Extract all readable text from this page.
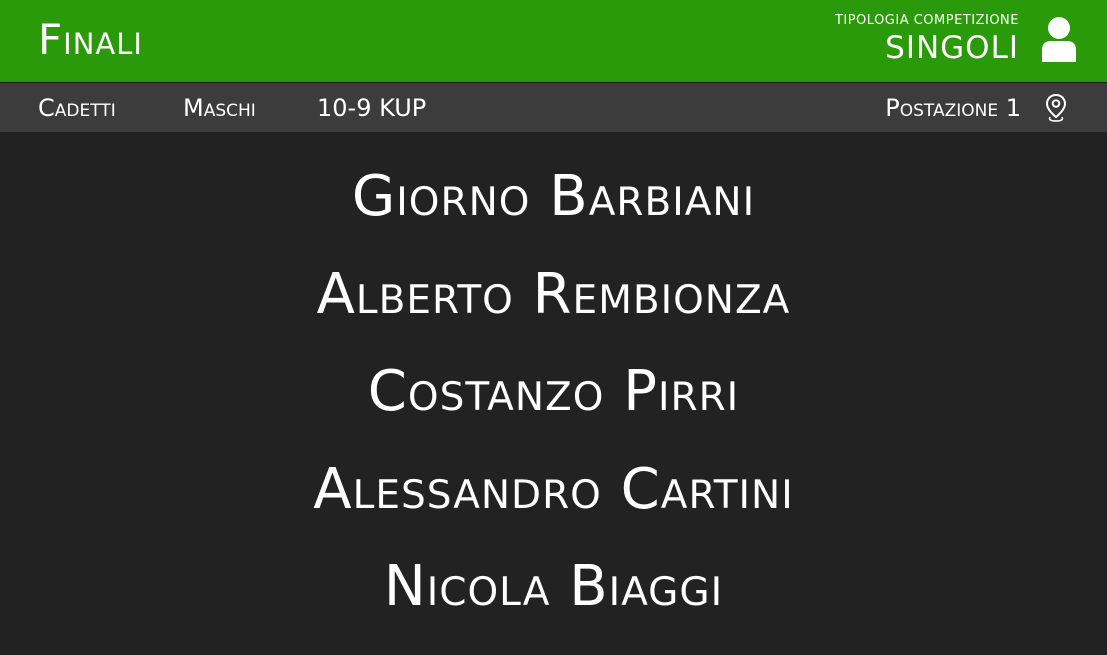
Finali	TIPOLOGIA COMPETIZIONE
SINGOLI
Cadetti	Maschi	10-9 KUP	Postazione 1
Giorno Barbiani
Alberto Rembionza
Costanzo Pirri
Alessandro Cartini
Nicola Biaggi
